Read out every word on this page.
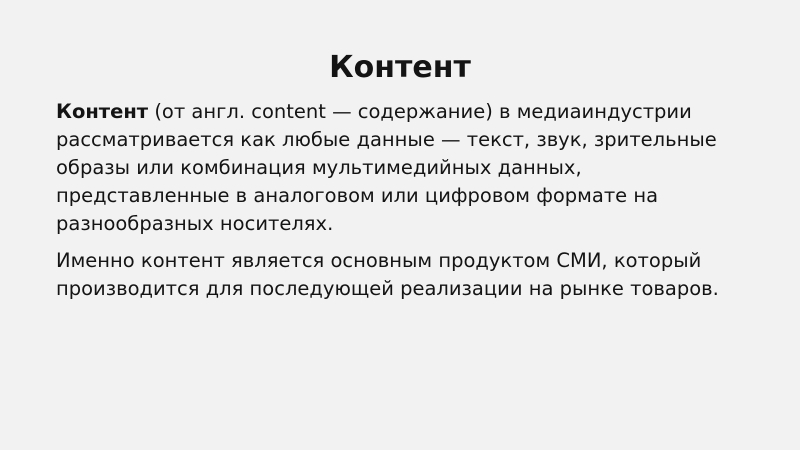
Контент

Контент (от англ. content — содержание) в медиаиндустрии рассматривается как любые данные — текст, звук, зрительные образы или комбинация мультимедийных данных, представленные в аналоговом или цифровом формате на разнообразных носителях.

Именно контент является основным продуктом СМИ, который производится для последующей реализации на рынке товаров.
